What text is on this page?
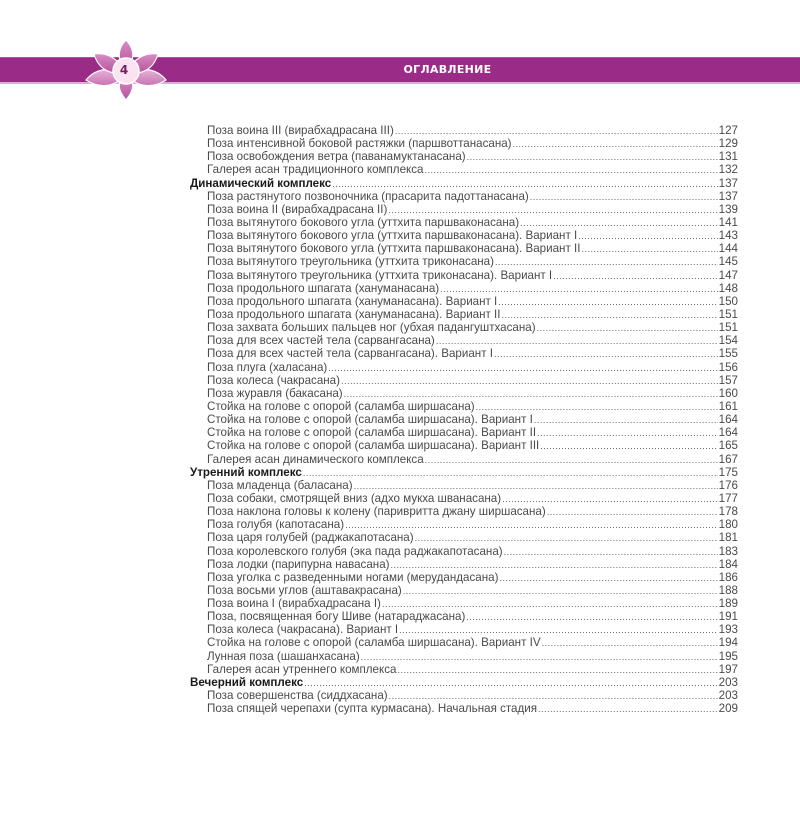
ОГЛАВЛЕНИЕ
4
Поза воина III (вирабхадрасана III) .....	127
Поза интенсивной боковой растяжки (паршвоттанасана) .....	129
Поза освобождения ветра (паванамуктанасана) .....	131
Галерея асан традиционного комплекса .....	132
Динамический комплекс .....	137
Поза растянутого позвоночника (прасарита падоттанасана) .....	137
Поза воина II (вирабхадрасана II) .....	139
Поза вытянутого бокового угла (уттхита паршваконасана) .....	141
Поза вытянутого бокового угла (уттхита паршваконасана). Вариант I .....	143
Поза вытянутого бокового угла (уттхита паршваконасана). Вариант II .....	144
Поза вытянутого треугольника (уттхита триконасана) .....	145
Поза вытянутого треугольника (уттхита триконасана). Вариант I .....	147
Поза продольного шпагата (хануманасана) .....	148
Поза продольного шпагата (хануманасана). Вариант I .....	150
Поза продольного шпагата (хануманасана). Вариант II .....	151
Поза захвата больших пальцев ног (убхая падангуштхасана) .....	151
Поза для всех частей тела (сарвангасана) .....	154
Поза для всех частей тела (сарвангасана). Вариант I .....	155
Поза плуга (халасана) .....	156
Поза колеса (чакрасана) .....	157
Поза журавля (бакасана) .....	160
Стойка на голове с опорой (саламба ширшасана) .....	161
Стойка на голове с опорой (саламба ширшасана). Вариант I .....	164
Стойка на голове с опорой (саламба ширшасана). Вариант II .....	164
Стойка на голове с опорой (саламба ширшасана). Вариант III .....	165
Галерея асан динамического комплекса .....	167
Утренний комплекс .....	175
Поза младенца (баласана) .....	176
Поза собаки, смотрящей вниз (адхо мукха шванасана) .....	177
Поза наклона головы к колену (паривритта джану ширшасана) .....	178
Поза голубя (капотасана) .....	180
Поза царя голубей (раджакапотасана) .....	181
Поза королевского голубя (эка пада раджакапотасана) .....	183
Поза лодки (парипурна навасана) .....	184
Поза уголка с разведенными ногами (мерудандасана) .....	186
Поза восьми углов (аштавакрасана) .....	188
Поза воина I (вирабхадрасана I) .....	189
Поза, посвященная богу Шиве (натараджасана) .....	191
Поза колеса (чакрасана). Вариант I .....	193
Стойка на голове с опорой (саламба ширшасана). Вариант IV .....	194
Лунная поза (шашанхасана) .....	195
Галерея асан утреннего комплекса .....	197
Вечерний комплекс .....	203
Поза совершенства (сиддхасана) .....	203
Поза спящей черепахи (супта курмасана). Начальная стадия .....	209
